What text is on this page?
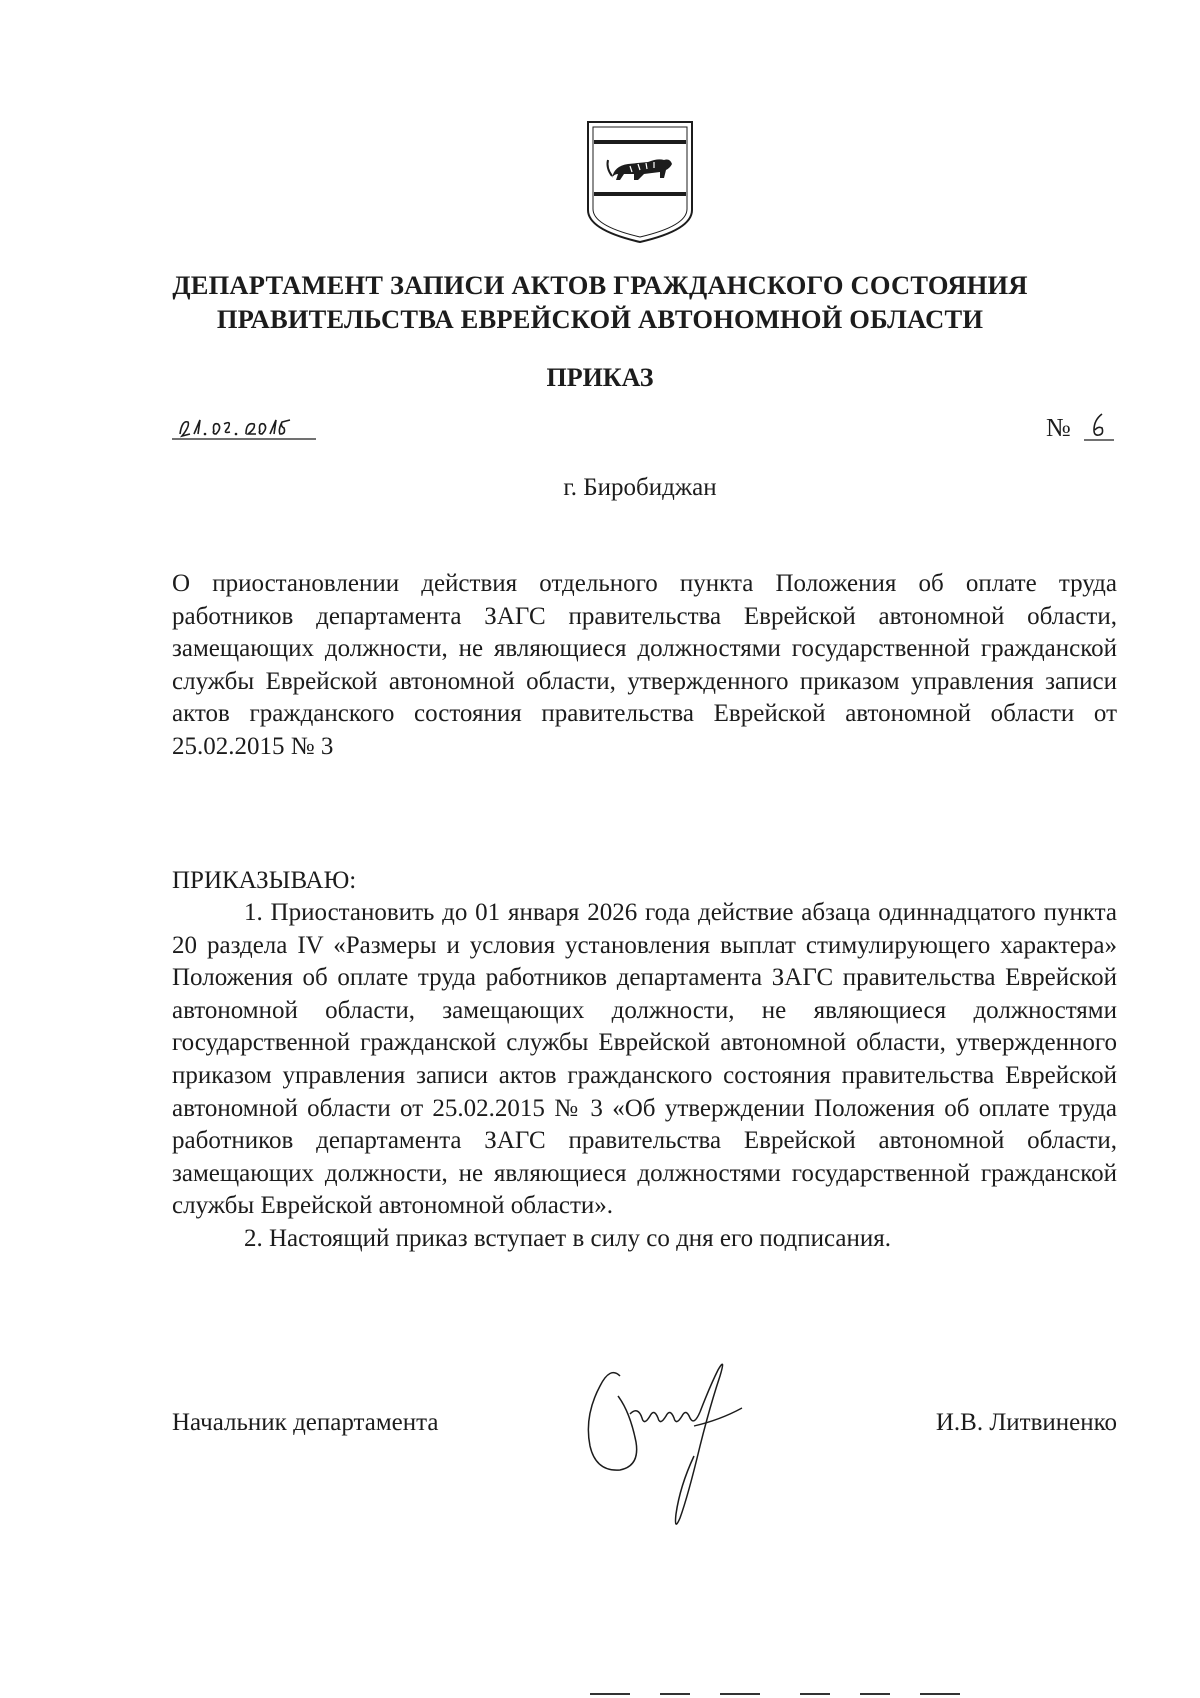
ДЕПАРТАМЕНТ ЗАПИСИ АКТОВ ГРАЖДАНСКОГО СОСТОЯНИЯ
ПРАВИТЕЛЬСТВА ЕВРЕЙСКОЙ АВТОНОМНОЙ ОБЛАСТИ
ПРИКАЗ
№
г. Биробиджан
О приостановлении действия отдельного пункта Положения об оплате труда работников департамента ЗАГС правительства Еврейской автономной области, замещающих должности, не являющиеся должностями государственной гражданской службы Еврейской автономной области, утвержденного приказом управления записи актов гражданского состояния правительства Еврейской автономной области от 25.02.2015 № 3
ПРИКАЗЫВАЮ:

1. Приостановить до 01 января 2026 года действие абзаца одиннадцатого пункта 20 раздела IV «Размеры и условия установления выплат стимулирующего характера» Положения об оплате труда работников департамента ЗАГС правительства Еврейской автономной области, замещающих должности, не являющиеся должностями государственной гражданской службы Еврейской автономной области, утвержденного приказом управления записи актов гражданского состояния правительства Еврейской автономной области от 25.02.2015 № 3 «Об утверждении Положения об оплате труда работников департамента ЗАГС правительства Еврейской автономной области, замещающих должности, не являющиеся должностями государственной гражданской службы Еврейской автономной области».

2. Настоящий приказ вступает в силу со дня его подписания.

Начальник департамента	И.В. Литвиненко
